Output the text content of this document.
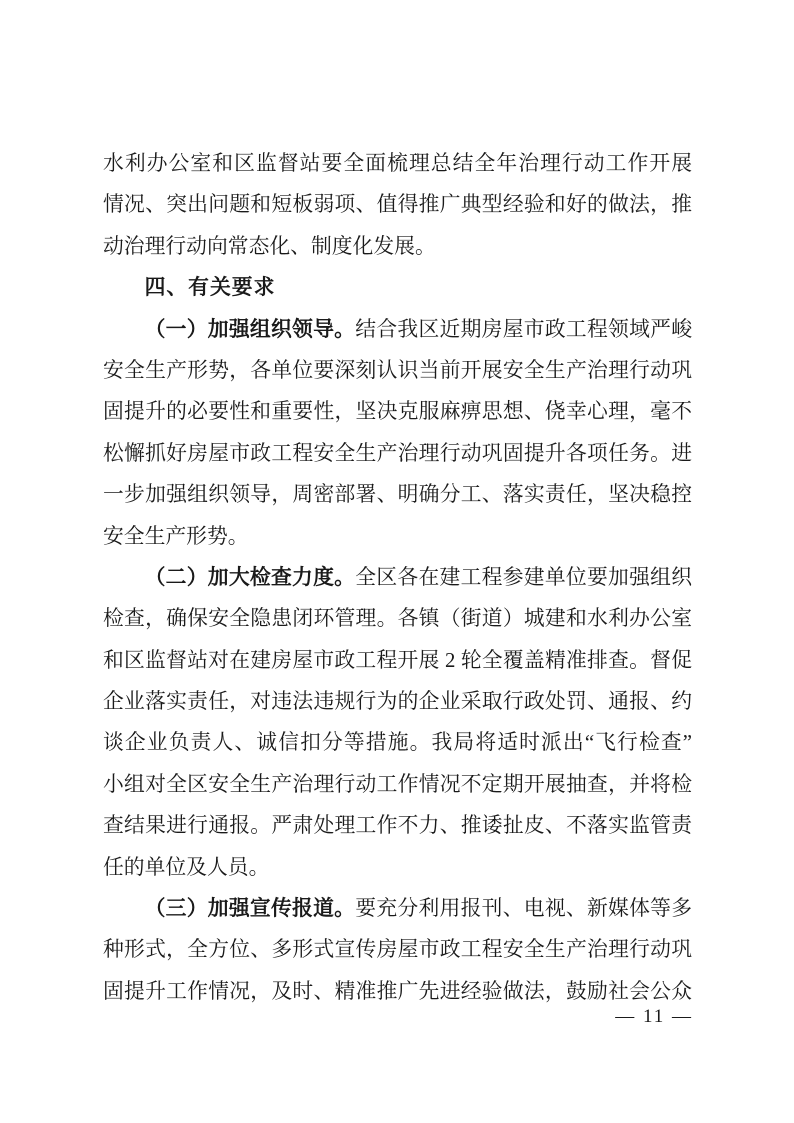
水利办公室和区监督站要全面梳理总结全年治理行动工作开展
情况、突出问题和短板弱项、值得推广典型经验和好的做法，推
动治理行动向常态化、制度化发展。
四、有关要求
（一）加强组织领导。结合我区近期房屋市政工程领域严峻
安全生产形势，各单位要深刻认识当前开展安全生产治理行动巩
固提升的必要性和重要性，坚决克服麻痹思想、侥幸心理，毫不
松懈抓好房屋市政工程安全生产治理行动巩固提升各项任务。进
一步加强组织领导，周密部署、明确分工、落实责任，坚决稳控
安全生产形势。
（二）加大检查力度。全区各在建工程参建单位要加强组织
检查，确保安全隐患闭环管理。各镇（街道）城建和水利办公室
和区监督站对在建房屋市政工程开展 2 轮全覆盖精准排查。督促
企业落实责任，对违法违规行为的企业采取行政处罚、通报、约
谈企业负责人、诚信扣分等措施。我局将适时派出“飞行检查”
小组对全区安全生产治理行动工作情况不定期开展抽查，并将检
查结果进行通报。严肃处理工作不力、推诿扯皮、不落实监管责
任的单位及人员。
（三）加强宣传报道。要充分利用报刊、电视、新媒体等多
种形式，全方位、多形式宣传房屋市政工程安全生产治理行动巩
固提升工作情况，及时、精准推广先进经验做法，鼓励社会公众
— 11 —
